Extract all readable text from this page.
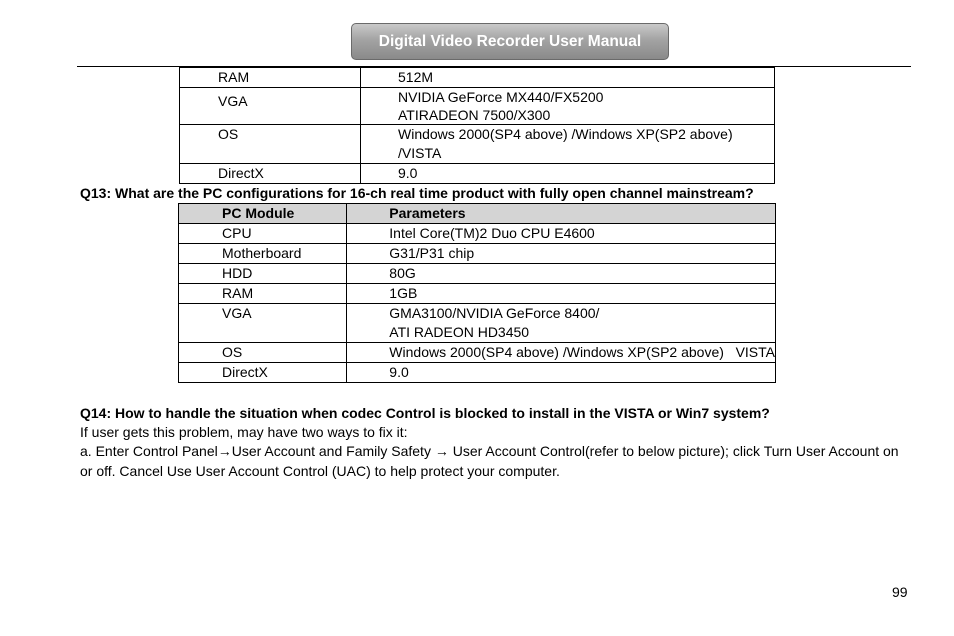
Digital Video Recorder User Manual
RAM	512M
VGA	NVIDIA GeForce MX440/FX5200
ATIRADEON 7500/X300

OS	Windows 2000(SP4 above) /Windows XP(SP2 above) /VISTA
DirectX	9.0
Q13: What are the PC configurations for 16-ch real time product with fully open channel mainstream?
PC Module	Parameters
CPU	Intel Core(TM)2 Duo CPU E4600
Motherboard	G31/P31 chip
HDD	80G
RAM	1GB
VGA	GMA3100/NVIDIA GeForce 8400/
ATI RADEON HD3450

OS	Windows 2000(SP4 above) /Windows XP(SP2 above)   VISTA
DirectX	9.0
Q14: How to handle the situation when codec Control is blocked to install in the VISTA or Win7 system?
If user gets this problem, may have two ways to fix it:
a. Enter Control Panel→User Account and Family Safety → User Account Control(refer to below picture); click Turn User Account on or off. Cancel Use User Account Control (UAC) to help protect your computer.
99
